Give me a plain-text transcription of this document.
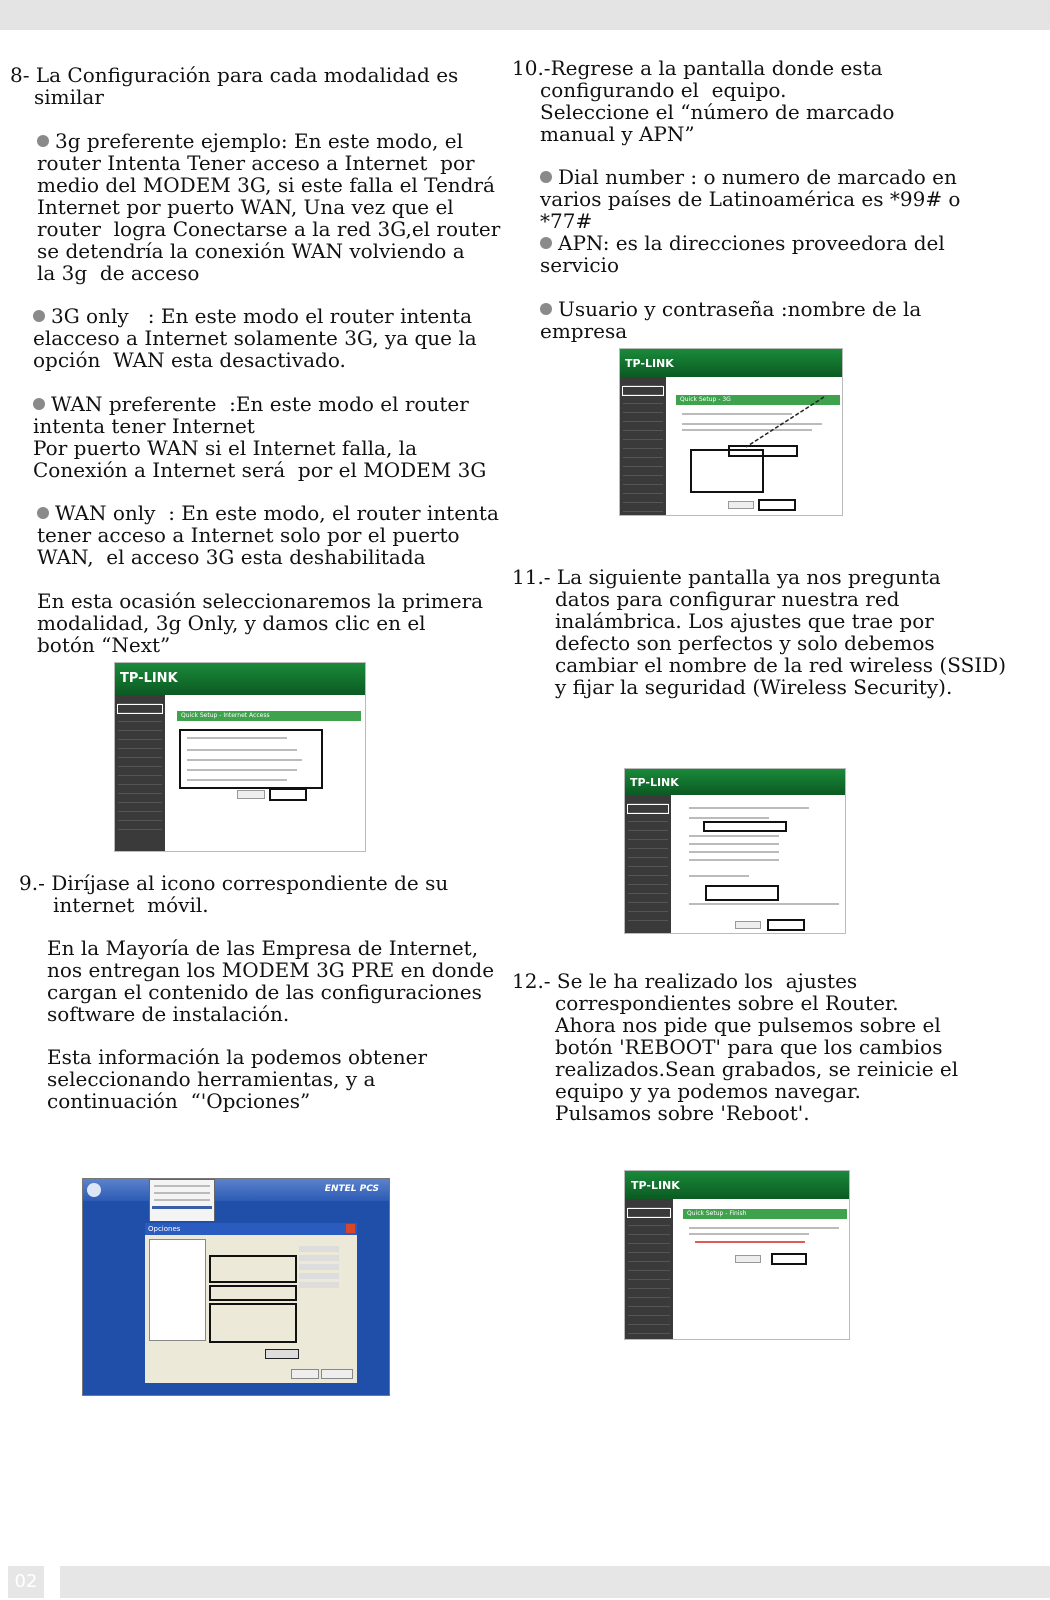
8- La Configuración para cada modalidad es

similar

3g preferente ejemplo: En este modo, el

router Intenta Tener acceso a Internet  por

medio del MODEM 3G, si este falla el Tendrá

Internet por puerto WAN, Una vez que el

router  logra Conectarse a la red 3G,el router

se detendría la conexión WAN volviendo a

la 3g  de acceso

3G only   : En este modo el router intenta

elacceso a Internet solamente 3G, ya que la

opción  WAN esta desactivado.

WAN preferente  :En este modo el router

intenta tener Internet

Por puerto WAN si el Internet falla, la

Conexión a Internet será  por el MODEM 3G

WAN only  : En este modo, el router intenta

tener acceso a Internet solo por el puerto

WAN,  el acceso 3G esta deshabilitada

En esta ocasión seleccionaremos la primera

modalidad, 3g Only, y damos clic en el

botón “Next”

TP-LINK
Quick Setup - Internet Access

9.- Diríjase al icono correspondiente de su

internet  móvil.

En la Mayoría de las Empresa de Internet,

nos entregan los MODEM 3G PRE en donde

cargan el contenido de las configuraciones

software de instalación.

Esta información la podemos obtener

seleccionando herramientas, y a

continuación  “'Opciones”

ENTEL PCS
Opciones

10.-Regrese a la pantalla donde esta

configurando el  equipo.

Seleccione el “número de marcado

manual y APN”

Dial number : o numero de marcado en

varios países de Latinoamérica es *99# o

*77#

APN: es la direcciones proveedora del

servicio

Usuario y contraseña :nombre de la

empresa

TP-LINK
Quick Setup - 3G

11.- La siguiente pantalla ya nos pregunta

datos para configurar nuestra red

inalámbrica. Los ajustes que trae por

defecto son perfectos y solo debemos

cambiar el nombre de la red wireless (SSID)

y fijar la seguridad (Wireless Security).

TP-LINK

12.- Se le ha realizado los  ajustes

correspondientes sobre el Router.

Ahora nos pide que pulsemos sobre el

botón 'REBOOT' para que los cambios

realizados.Sean grabados, se reinicie el

equipo y ya podemos navegar.

Pulsamos sobre 'Reboot'.

TP-LINK
Quick Setup - Finish
02
